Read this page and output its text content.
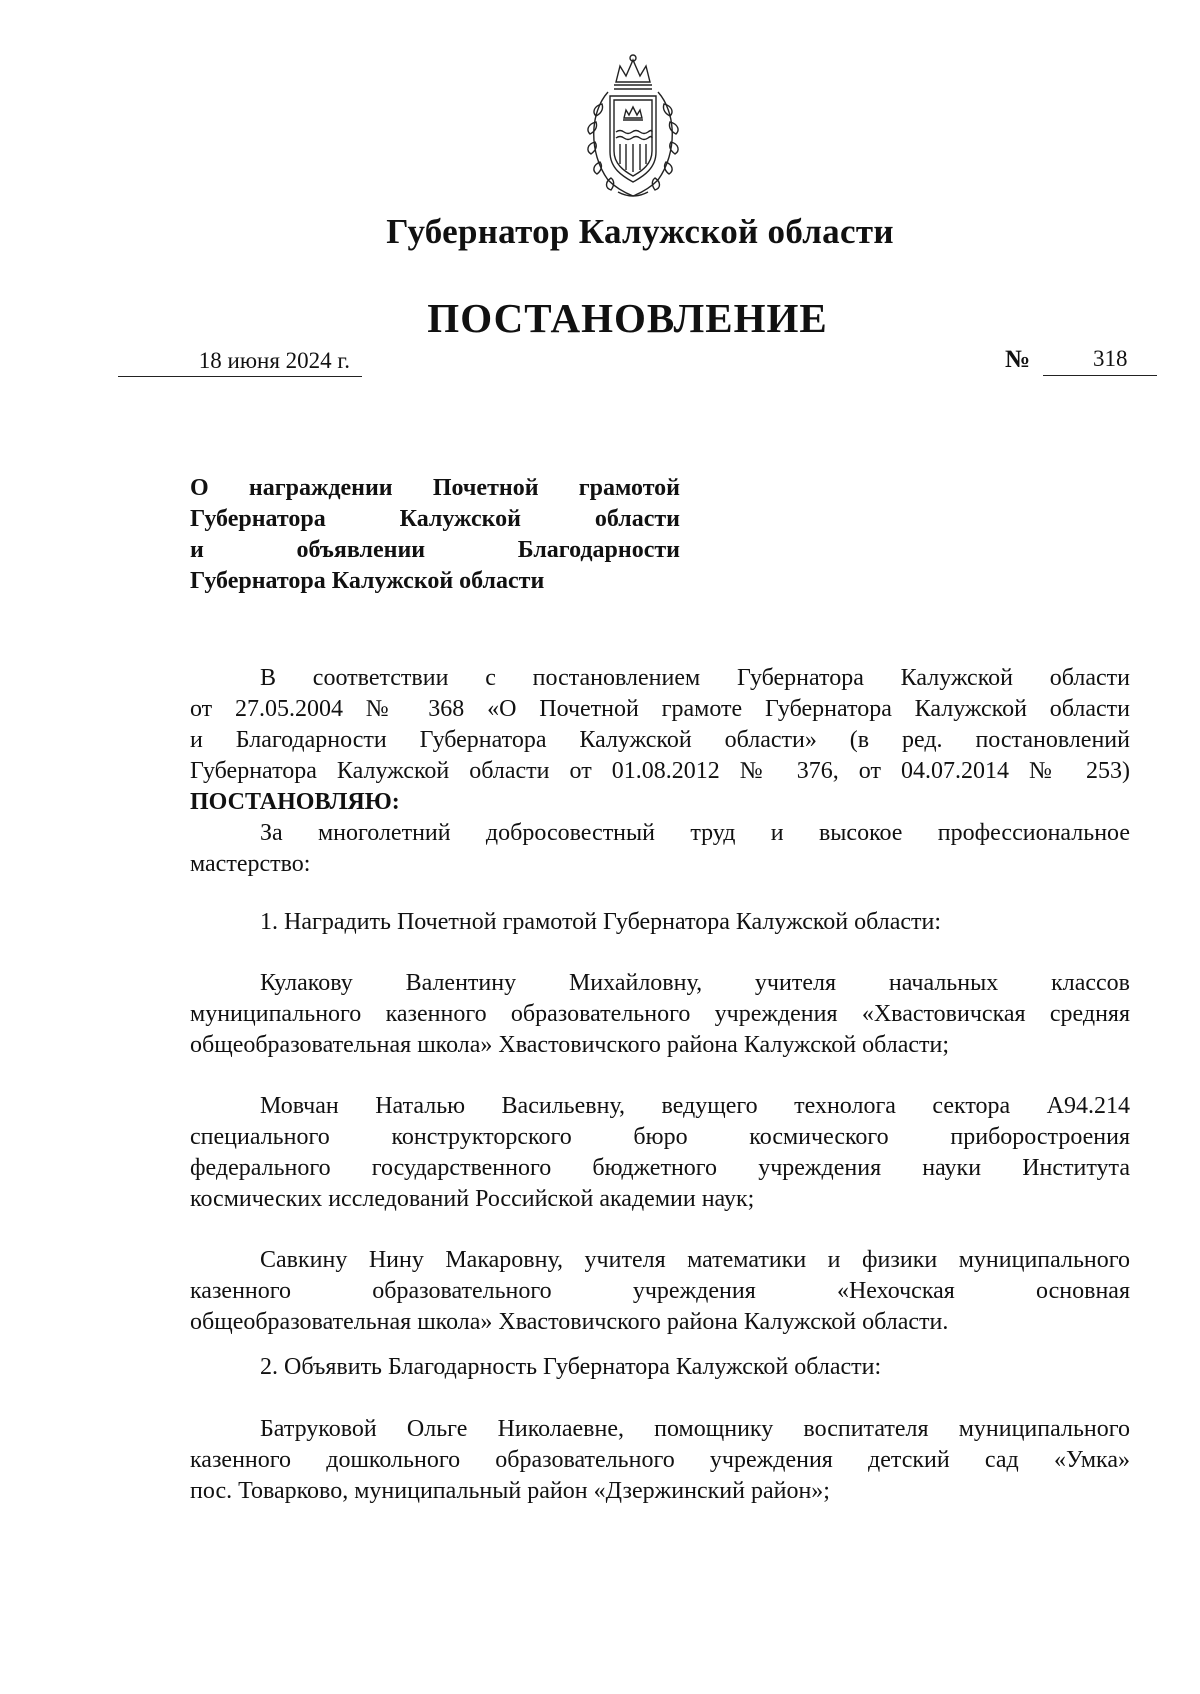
Губернатор Калужской области
ПОСТАНОВЛЕНИЕ
18 июня 2024 г.	№	318
О награждении Почетной грамотой
Губернатора Калужской области
и объявлении Благодарности
Губернатора Калужской области
В соответствии с постановлением Губернатора Калужской области
от 27.05.2004 № 368 «О Почетной грамоте Губернатора Калужской области
и Благодарности Губернатора Калужской области» (в ред. постановлений
Губернатора Калужской области от 01.08.2012 № 376, от 04.07.2014 № 253)
ПОСТАНОВЛЯЮ:
За многолетний добросовестный труд и высокое профессиональное
мастерство:
1. Наградить Почетной грамотой Губернатора Калужской области:
Кулакову Валентину Михайловну, учителя начальных классов
муниципального казенного образовательного учреждения «Хвастовичская средняя
общеобразовательная школа» Хвастовичского района Калужской области;
Мовчан Наталью Васильевну, ведущего технолога сектора А94.214
специального конструкторского бюро космического приборостроения
федерального государственного бюджетного учреждения науки Института
космических исследований Российской академии наук;
Савкину Нину Макаровну, учителя математики и физики муниципального
казенного образовательного учреждения «Нехочская основная
общеобразовательная школа» Хвастовичского района Калужской области.
2. Объявить Благодарность Губернатора Калужской области:
Батруковой Ольге Николаевне, помощнику воспитателя муниципального
казенного дошкольного образовательного учреждения детский сад «Умка»
пос. Товарково, муниципальный район «Дзержинский район»;
